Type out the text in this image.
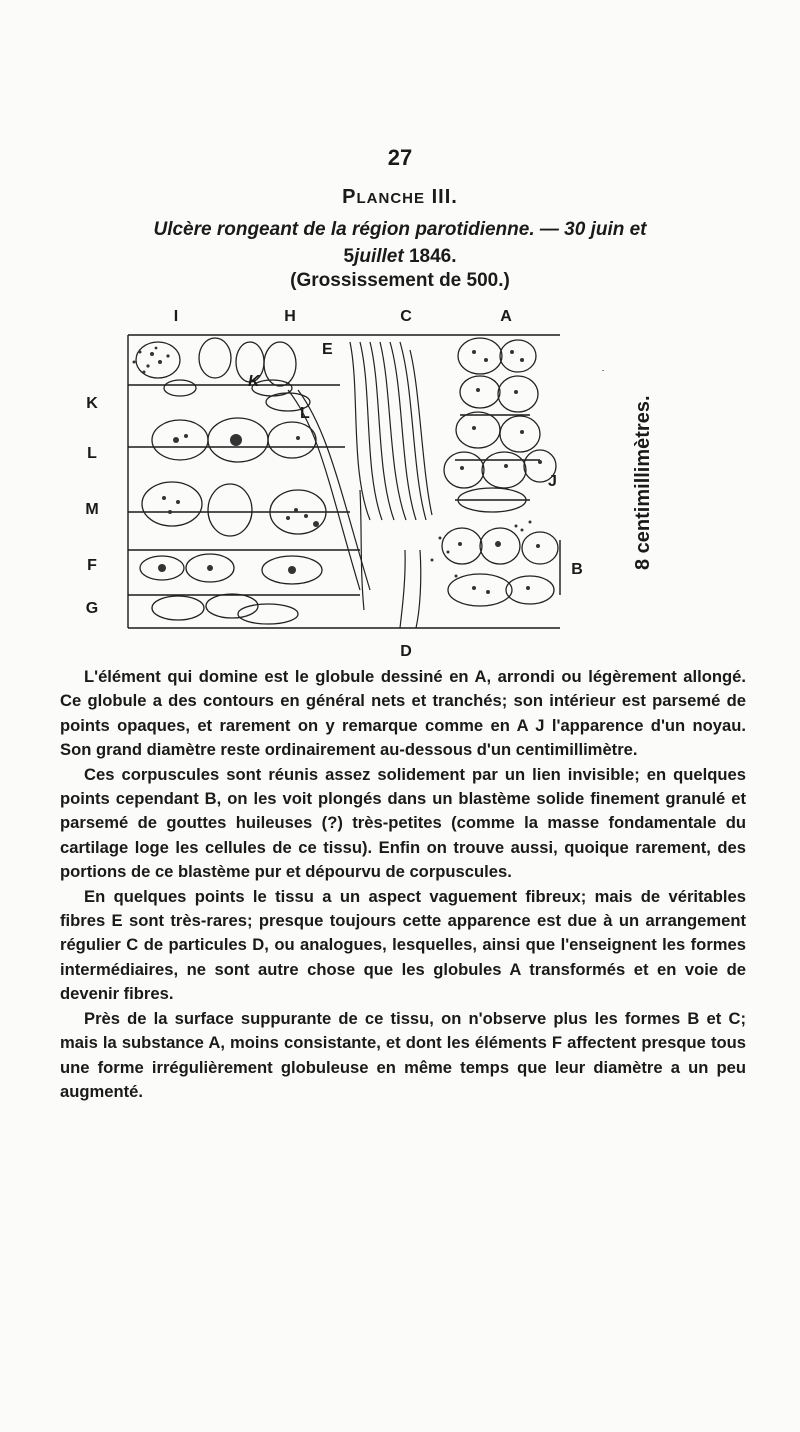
27
PLANCHE III.
Ulcère rongeant de la région parotidienne. — 30 juin et
5juillet 1846.
(Grossissement de 500.)
I	H	C	A
K
L
M
F
G
E
K
L
J
B
D
8 centimillimètres.

L'élément qui domine est le globule dessiné en A, arrondi ou légèrement allongé. Ce globule a des contours en général nets et tranchés; son intérieur est parsemé de points opaques, et rarement on y remarque comme en A J l'apparence d'un noyau. Son grand diamètre reste ordinairement au-dessous d'un centimillimètre.

Ces corpuscules sont réunis assez solidement par un lien invisible; en quelques points cependant B, on les voit plongés dans un blastème solide finement granulé et parsemé de gouttes huileuses (?) très-petites (comme la masse fondamentale du cartilage loge les cellules de ce tissu). Enfin on trouve aussi, quoique rarement, des portions de ce blastème pur et dépourvu de corpuscules.

En quelques points le tissu a un aspect vaguement fibreux; mais de véritables fibres E sont très-rares; presque toujours cette apparence est due à un arrangement régulier C de particules D, ou analogues, lesquelles, ainsi que l'enseignent les formes intermédiaires, ne sont autre chose que les globules A transformés et en voie de devenir fibres.

Près de la surface suppurante de ce tissu, on n'observe plus les formes B et C; mais la substance A, moins consistante, et dont les éléments F affectent presque tous une forme irrégulièrement globuleuse en même temps que leur diamètre a un peu augmenté.
